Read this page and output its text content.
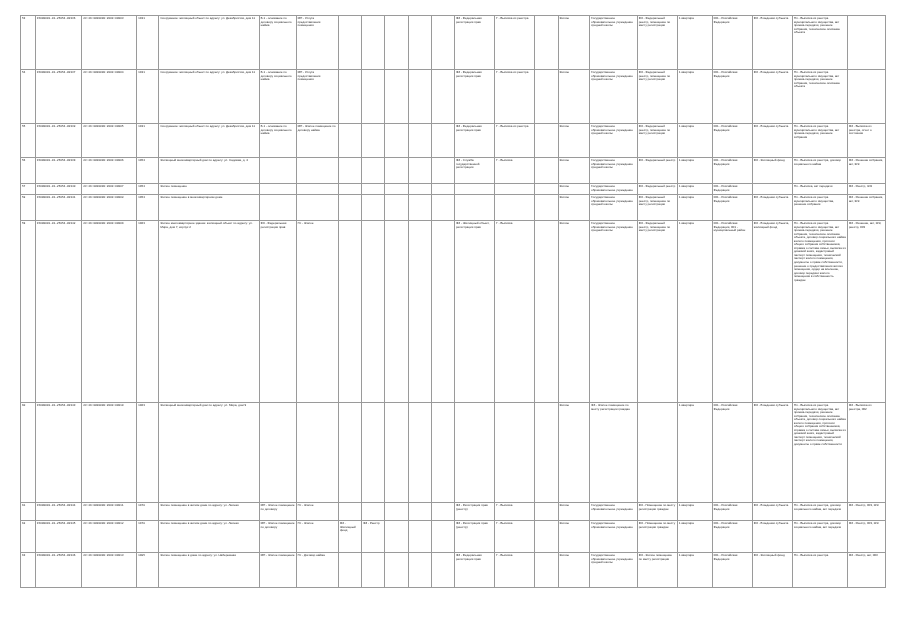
53	15000001-01-25054-00336	23:49:0000000:2000:00003	1931	Сооружение: жилищный объект по адресу: ул. Декабристов, дом 11	Б.1 - основание по договору социального найма	МП - Услуга предоставления помещения						ФЗ - Федеральная регистрация прав	Г - Выписка из реестра		Жилое	Государственное образовательное учреждение средней школы	ФЗ - Федеральный реестр, помещение по месту регистрации	1 квартира	001 - Российская Федерация	ФЗ - В ведении субъекта	Пп - Выписка из реестра муниципального имущества, акт приема-передачи, решение собрания, техническое описание объекта	
54	15000001-01-25054-00337	23:49:0000000:2000:00004	1931	Сооружение: жилищный объект по адресу: ул. Декабристов, дом 11	Б.1 - основание по договору социального найма	МП - Услуга предоставления помещения						ФЗ - Федеральная регистрация прав	Г - Выписка из реестра		Жилое	Государственное образовательное учреждение средней школы	ФЗ - Федеральный реестр, помещение по месту регистрации	1 квартира	001 - Российская Федерация	ФЗ - В ведении субъекта	Пп - Выписка из реестра муниципального имущества, акт приема-передачи, решение собрания, техническое описание объекта	
55	15000001-01-25054-00338	23:49:0000000:2000:00005	1931	Сооружение: жилищный объект по адресу: ул. Декабристов, дом 11	Б.1 - основание по договору социального найма	МП - Жилое помещение по договору найма						ФЗ - Федеральная регистрация прав	Г - Выписка из реестра		Жилое	Государственное образовательное учреждение средней школы	ФЗ - Федеральный реестр, помещение по месту регистрации	1 квартира	001 - Российская Федерация	ФЗ - В ведении субъекта	Пп - Выписка из реестра муниципального имущества, акт приема-передачи, решение собрания	ФЗ - Выписка из реестра, отчет о состоянии
56	15000001-01-25054-00339	23:49:0000000:2000:00006	1954	Жилищный многоквартирный дом по адресу: ул. Садовая, д. 4								ФЗ - Служба государственной регистрации	Г - Выписка		Жилое	Государственное образовательное учреждение средней школы	ФЗ - Федеральный реестр	1 квартира	001 - Российская Федерация	ФЗ - Жилищный фонд	Пп - Выписка из реестра, договор социального найма	ФЗ - Решение собрания, акт, ЖЭ
57	15000001-01-25054-00340	23:49:0000000:2000:00007	1954	Жилое помещение											Жилое	Государственное образовательное учреждение	ФЗ - Федеральный реестр	1 квартира	001 - Российская Федерация		Пп - Выписка, акт передачи	ФЗ - Реестр, ЖЭ
58	15000001-01-25054-00341	23:49:0000000:2000:00008	1954	Жилое помещение в многоквартирном доме											Жилое	Государственное образовательное учреждение средней школы	ФЗ - Федеральный реестр, помещение по месту регистрации	1 квартира	001 - Российская Федерация	ФЗ - В ведении субъекта	Пп - Выписка из реестра муниципального имущества, решение собрания	ФЗ - Решение собрания, акт, ЖЭ
59	15000001-01-25054-00342	23:49:0000000:2000:00009	1963	Жилое многоквартирное здание: жилищный объект по адресу: ул. Мира, дом 7, корпус 2	ФЗ - Федеральная регистрация прав	ГС - Жилое						ФЗ - Жилищный объект, регистрация прав	Г - Выписка		Жилое	Государственное образовательное учреждение средней школы	ФЗ - Федеральный реестр, помещение по месту регистрации	1 квартира	001 - Российская Федерация, 001 - муниципальный район	ФЗ - В ведении субъекта, жилищный фонд	Пп - Выписка из реестра муниципального имущества, акт приема-передачи, решение собрания, техническое описание объекта, договор социального найма жилого помещения, протокол общего собрания собственников, справка о составе семьи, выписка из домовой книги, кадастровый паспорт помещения, технический паспорт жилого помещения, документы о праве собственности, решение о предоставлении жилого помещения, ордер на вселение, договор передачи жилого помещения в собственность граждан	ФЗ - Решение, акт, ЖЭ, реестр, 003
60	15000001-01-25054-00343	23:49:0000000:2000:00010	1963	Жилищный многоквартирный дом по адресу: ул. Мира, дом 9											Жилое	ФЗ - Жилое помещение по месту регистрации граждан		1 квартира	001 - Российская Федерация	ФЗ - В ведении субъекта	Пп - Выписка из реестра муниципального имущества, акт приема-передачи, решение собрания, техническое описание объекта, договор социального найма жилого помещения, протокол общего собрания собственников, справка о составе семьи, выписка из домовой книги, кадастровый паспорт помещения, технический паспорт жилого помещения, документы о праве собственности	ФЗ - Выписка из реестра, 002
61	15000001-01-25054-00344	23:49:0000000:2000:00011	1978	Жилое помещение в жилом доме по адресу: ул. Лесная	МП - Жилое помещение по договору	ГС - Жилое						ФЗ - Регистрация прав (реестр)	Г - Выписка		Жилое	Государственное образовательное учреждение	ФЗ - Помещение по месту регистрации граждан	1 квартира	001 - Российская Федерация	ФЗ - В ведении субъекта	Пп - Выписка из реестра, договор социального найма, акт передачи	ФЗ - Реестр, 003, ЖЭ
62	15000001-01-25054-00345	23:49:0000000:2000:00012	1978	Жилое помещение в жилом доме по адресу: ул. Лесная	МП - Жилое помещение по договору	ГС - Жилое	ФЗ - Жилищный фонд	ФЗ - Реестр				ФЗ - Регистрация прав (реестр)	Г - Выписка		Жилое	Государственное образовательное учреждение	ФЗ - Помещение по месту регистрации граждан	1 квартира	001 - Российская Федерация	ФЗ - В ведении субъекта	Пп - Выписка из реестра, договор социального найма, акт передачи	ФЗ - Реестр, 003, ЖЭ
63	15000001-01-25054-00346	23:49:0000000:2000:00013	1985	Жилое помещение в доме по адресу: ул. Набережная	МП - Жилое помещение	ГС - Договор найма						ФЗ - Федеральная регистрация прав	Г - Выписка		Жилое	Государственное образовательное учреждение средней школы	ФЗ - Жилое помещение по месту регистрации	1 квартира	001 - Российская Федерация	ФЗ - Жилищный фонд	Пп - Выписка из реестра	ФЗ - Реестр, акт, 003
